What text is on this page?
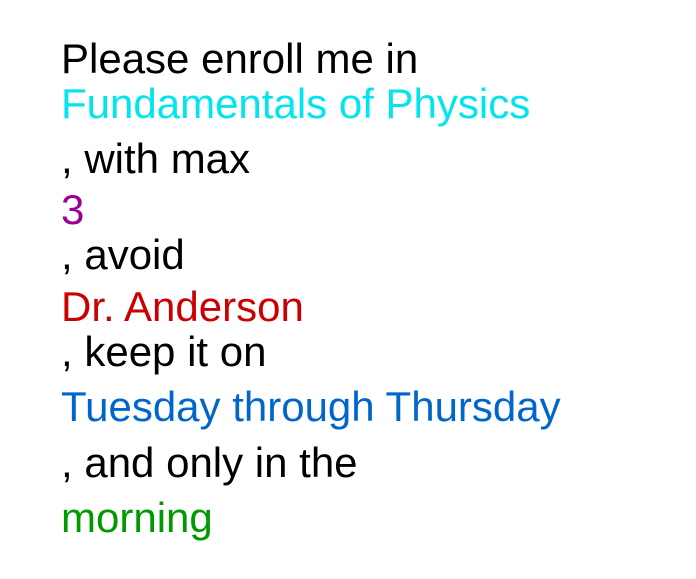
Please enroll me in
Fundamentals of Physics
, with max
3
, avoid
Dr. Anderson
, keep it on
Tuesday through Thursday
, and only in the
morning
